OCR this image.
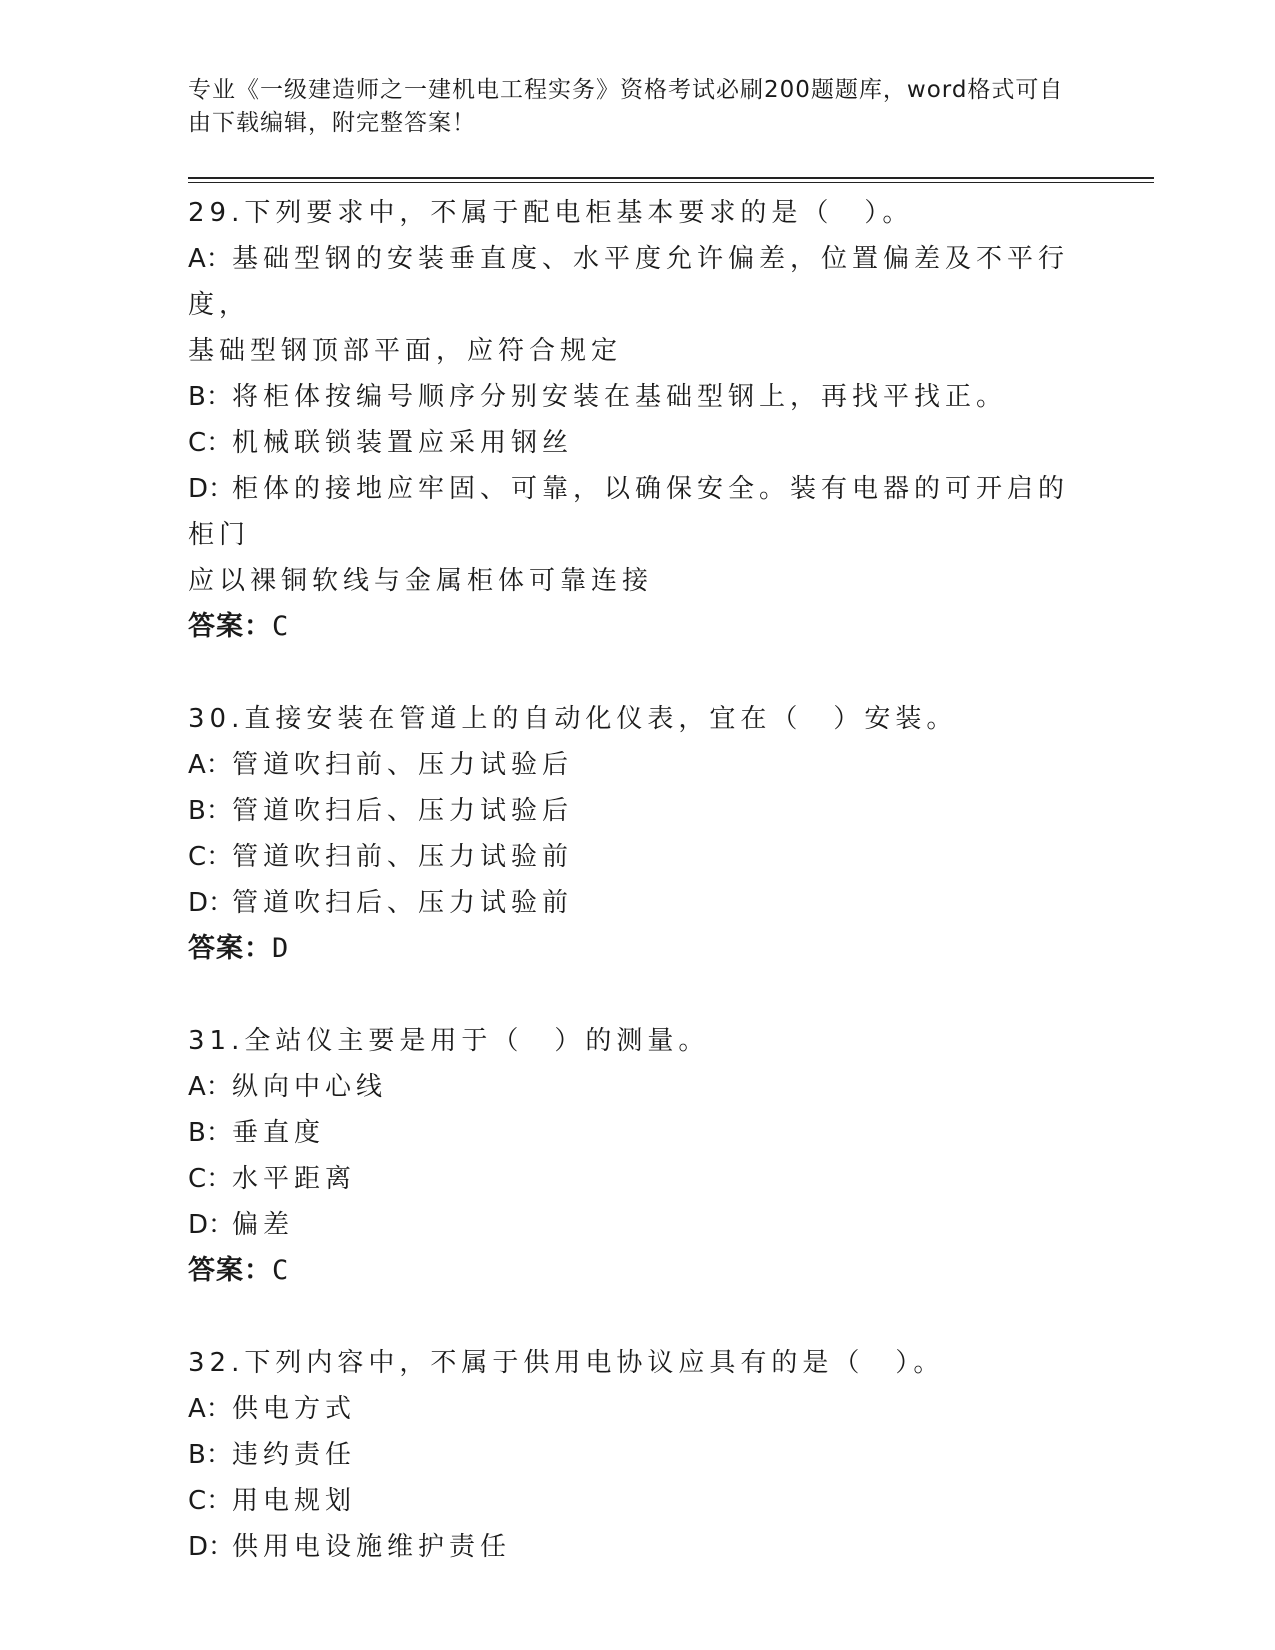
专业《一级建造师之一建机电工程实务》资格考试必刷200题题库，word格式可自由下载编辑，附完整答案！

29.下列要求中，不属于配电柜基本要求的是（　）。

A：基础型钢的安装垂直度、水平度允许偏差，位置偏差及不平行度，

基础型钢顶部平面，应符合规定

B：将柜体按编号顺序分别安装在基础型钢上，再找平找正。

C：机械联锁装置应采用钢丝

D：柜体的接地应牢固、可靠，以确保安全。装有电器的可开启的柜门

应以裸铜软线与金属柜体可靠连接

答案：C

30.直接安装在管道上的自动化仪表，宜在（　）安装。

A：管道吹扫前、压力试验后

B：管道吹扫后、压力试验后

C：管道吹扫前、压力试验前

D：管道吹扫后、压力试验前

答案：D

31.全站仪主要是用于（　）的测量。

A：纵向中心线

B：垂直度

C：水平距离

D：偏差

答案：C

32.下列内容中，不属于供用电协议应具有的是（　）。

A：供电方式

B：违约责任

C：用电规划

D：供用电设施维护责任
